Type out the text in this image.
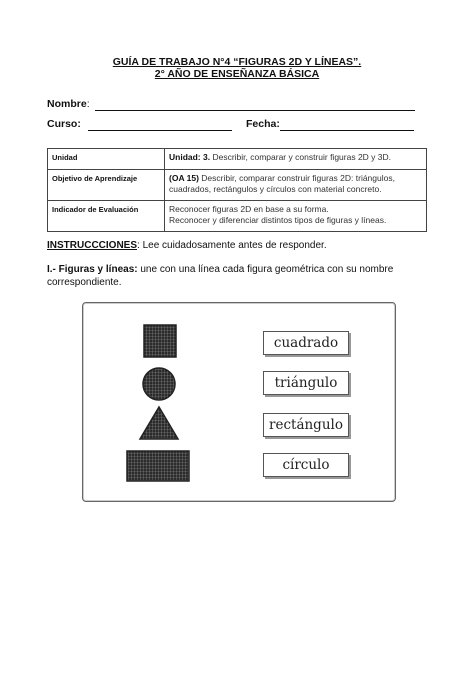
GUÍA DE TRABAJO N°4 “FIGURAS 2D Y LÍNEAS”.
2° AÑO DE ENSEÑANZA BÁSICA
Nombre:
Curso:	Fecha:
Unidad	Unidad: 3. Describir, comparar y construir figuras 2D y 3D.
Objetivo de Aprendizaje	(OA 15) Describir, comparar construir figuras 2D: triángulos, cuadrados, rectángulos y círculos con material concreto.
Indicador de Evaluación	Reconocer figuras 2D en base a su forma.
Reconocer y diferenciar distintos tipos de figuras y líneas.
INSTRUCCCIONES: Lee cuidadosamente antes de responder.
I.- Figuras y líneas: une con una línea cada figura geométrica con su nombre correspondiente.
cuadrado
triángulo
rectángulo
círculo
